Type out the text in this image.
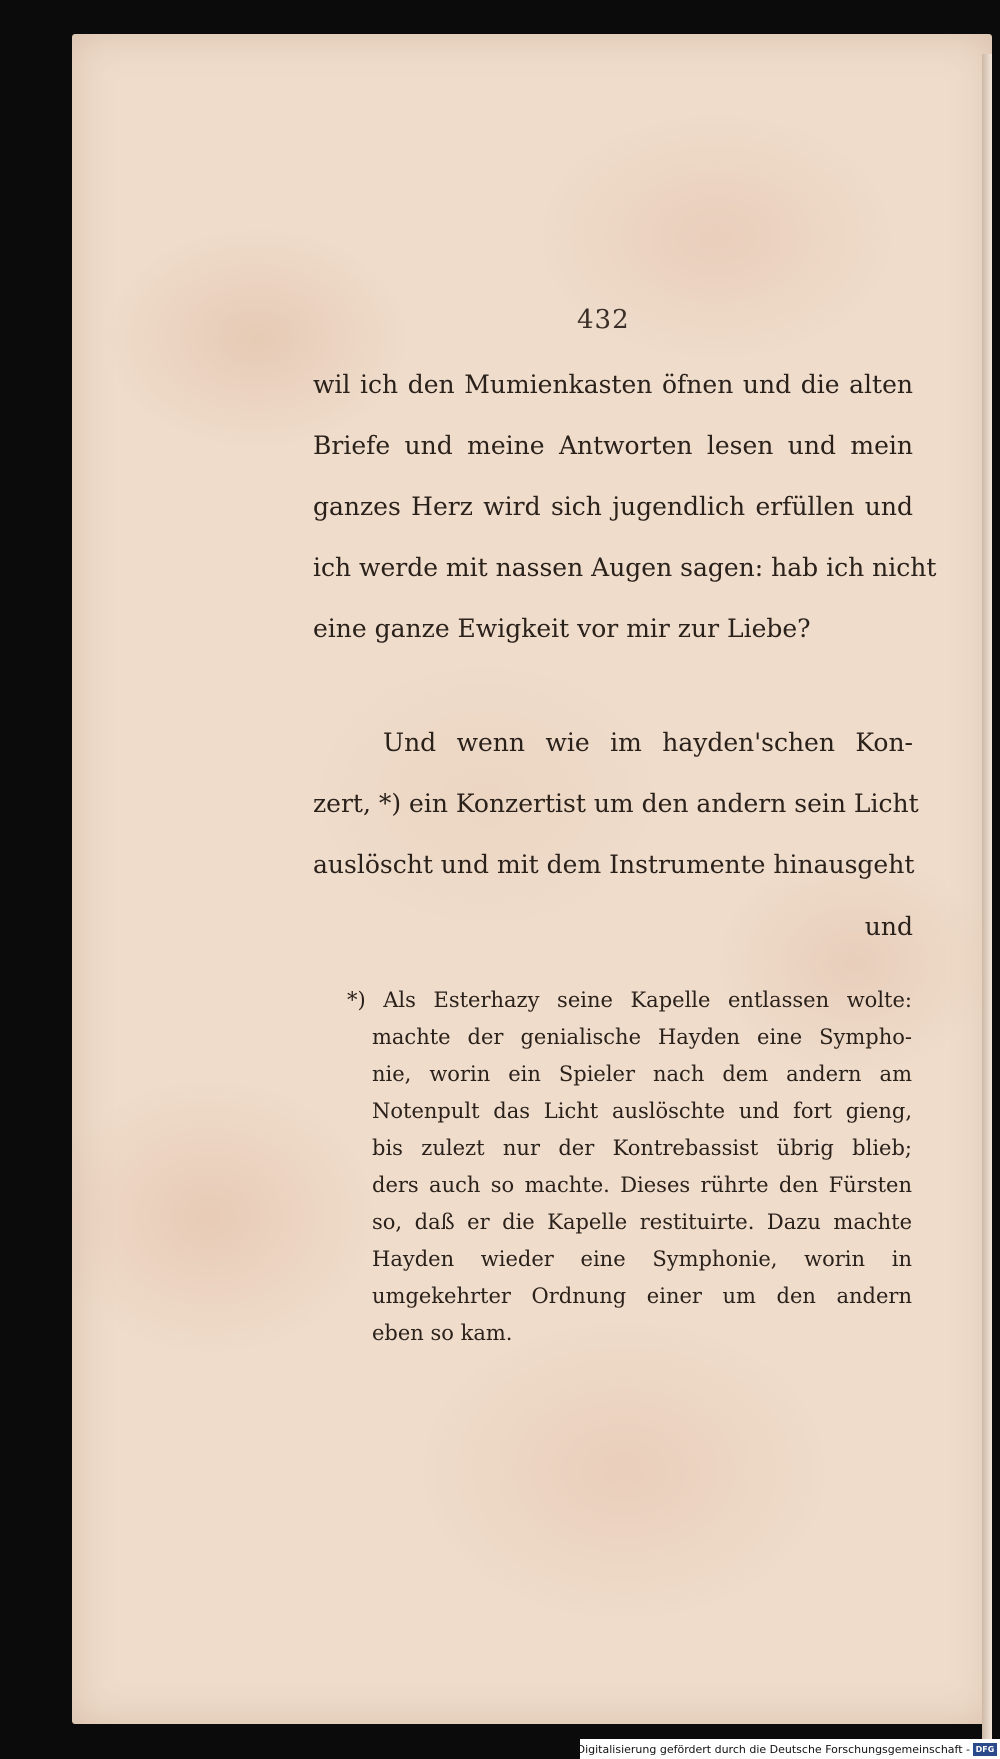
432
wil ich den Mumienkasten öfnen und die alten
Briefe und meine Antworten lesen und mein
ganzes Herz wird sich jugendlich erfüllen und
ich werde mit nassen Augen sagen: hab ich nicht
eine ganze Ewigkeit vor mir zur Liebe?
Und wenn wie im hayden'schen Kon-
zert, *) ein Konzertist um den andern sein Licht
auslöscht und mit dem Instrumente hinausgeht
und
*) Als Esterhazy seine Kapelle entlassen wolte:
machte der genialische Hayden eine Sympho-
nie, worin ein Spieler nach dem andern am
Notenpult das Licht auslöschte und fort gieng,
bis zulezt nur der Kontrebassist übrig blieb;
ders auch so machte. Dieses rührte den Fürsten
so, daß er die Kapelle restituirte. Dazu machte
Hayden wieder eine Symphonie, worin in
umgekehrter Ordnung einer um den andern
eben so kam.
Digitalisierung gefördert durch die Deutsche Forschungsgemeinschaft - DFG
